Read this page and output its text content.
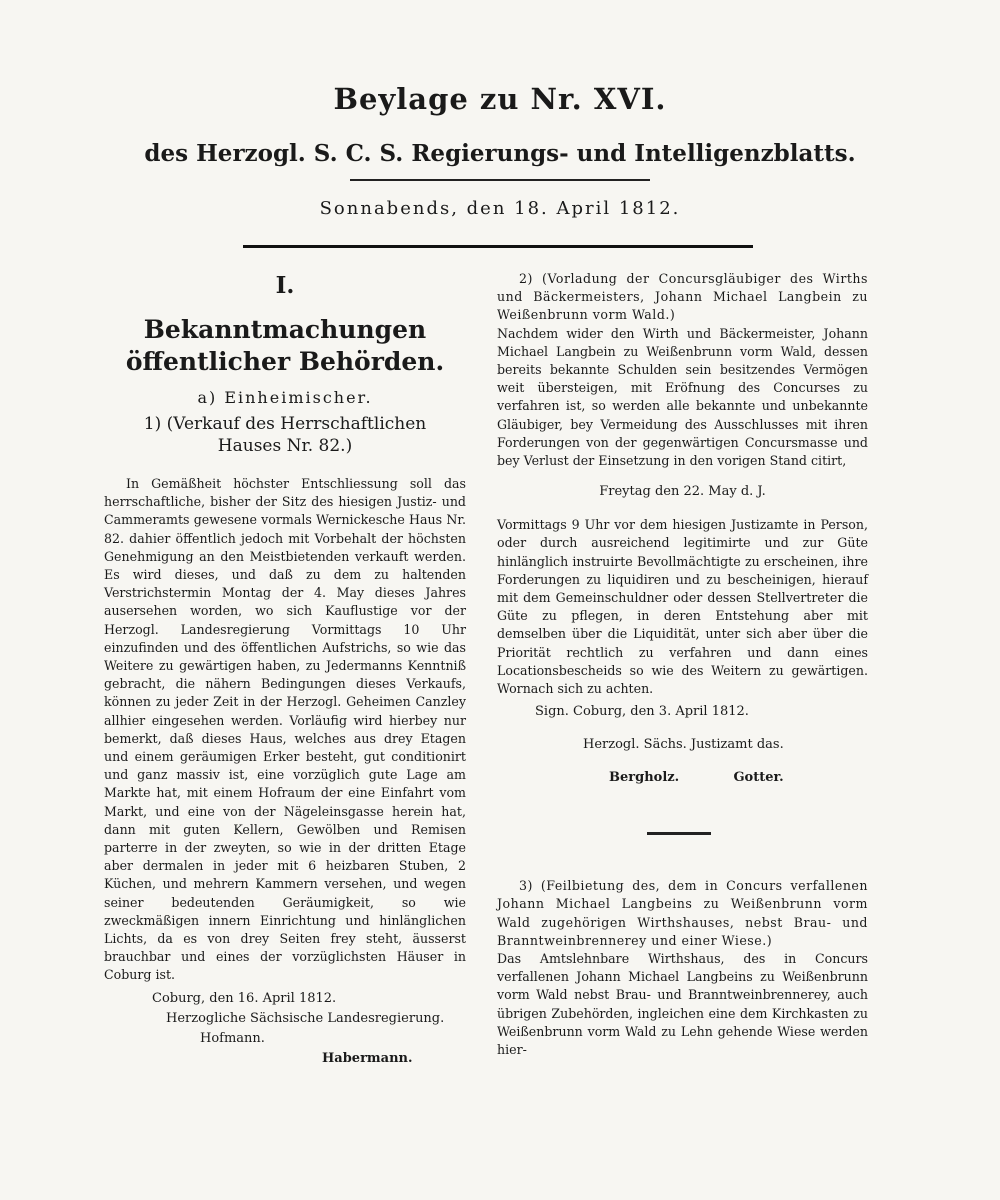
Beylage zu Nr. XVI.
des Herzogl. S. C. S. Regierungs- und Intelligenzblatts.
Sonnabends, den 18. April 1812.
I.
Bekanntmachungen öffentlicher Behörden.
a) Einheimischer.
1) (Verkauf des Herrschaftlichen Hauses Nr. 82.)

In Gemäßheit höchster Entschliessung soll das herrschaftliche, bisher der Sitz des hiesigen Justiz- und Cammeramts gewesene vormals Wernickesche Haus Nr. 82. dahier öffentlich jedoch mit Vorbehalt der höchsten Genehmigung an den Meistbietenden verkauft werden. Es wird dieses, und daß zu dem zu haltenden Verstrichstermin Montag der 4. May dieses Jahres ausersehen worden, wo sich Kauflustige vor der Herzogl. Landesregierung Vormittags 10 Uhr einzufinden und des öffentlichen Aufstrichs, so wie das Weitere zu gewärtigen haben, zu Jedermanns Kenntniß gebracht, die nähern Bedingungen dieses Verkaufs, können zu jeder Zeit in der Herzogl. Geheimen Canzley allhier eingesehen werden. Vorläufig wird hierbey nur bemerkt, daß dieses Haus, welches aus drey Etagen und einem geräumigen Erker besteht, gut conditionirt und ganz massiv ist, eine vorzüglich gute Lage am Markte hat, mit einem Hofraum der eine Einfahrt vom Markt, und eine von der Nägeleinsgasse herein hat, dann mit guten Kellern, Gewölben und Remisen parterre in der zweyten, so wie in der dritten Etage aber dermalen in jeder mit 6 heizbaren Stuben, 2 Küchen, und mehrern Kammern versehen, und wegen seiner bedeutenden Geräumigkeit, so wie zweckmäßigen innern Einrichtung und hinlänglichen Lichts, da es von drey Seiten frey steht, äusserst brauchbar und eines der vorzüglichsten Häuser in Coburg ist.

Coburg, den 16. April 1812.

Herzogliche Sächsische Landesregierung.

Hofmann.

Habermann.

2) (Vorladung der Concursgläubiger des Wirths und Bäckermeisters, Johann Michael Langbein zu Weißenbrunn vorm Wald.)

Nachdem wider den Wirth und Bäckermeister, Johann Michael Langbein zu Weißenbrunn vorm Wald, dessen bereits bekannte Schulden sein besitzendes Vermögen weit übersteigen, mit Eröfnung des Concurses zu verfahren ist, so werden alle bekannte und unbekannte Gläubiger, bey Vermeidung des Ausschlusses mit ihren Forderungen von der gegenwärtigen Concursmasse und bey Verlust der Einsetzung in den vorigen Stand citirt,

Freytag den 22. May d. J.

Vormittags 9 Uhr vor dem hiesigen Justizamte in Person, oder durch ausreichend legitimirte und zur Güte hinlänglich instruirte Bevollmächtigte zu erscheinen, ihre Forderungen zu liquidiren und zu bescheinigen, hierauf mit dem Gemeinschuldner oder dessen Stellvertreter die Güte zu pflegen, in deren Entstehung aber mit demselben über die Liquidität, unter sich aber über die Priorität rechtlich zu verfahren und dann eines Locationsbescheids so wie des Weitern zu gewärtigen. Wornach sich zu achten.

Sign. Coburg, den 3. April 1812.

Herzogl. Sächs. Justizamt das.

Bergholz.	Gotter.

3) (Feilbietung des, dem in Concurs verfallenen Johann Michael Langbeins zu Weißenbrunn vorm Wald zugehörigen Wirthshauses, nebst Brau- und Branntweinbrennerey und einer Wiese.)

Das Amtslehnbare Wirthshaus, des in Concurs verfallenen Johann Michael Langbeins zu Weißenbrunn vorm Wald nebst Brau- und Branntweinbrennerey, auch übrigen Zubehörden, ingleichen eine dem Kirchkasten zu Weißenbrunn vorm Wald zu Lehn gehende Wiese werden hier-
